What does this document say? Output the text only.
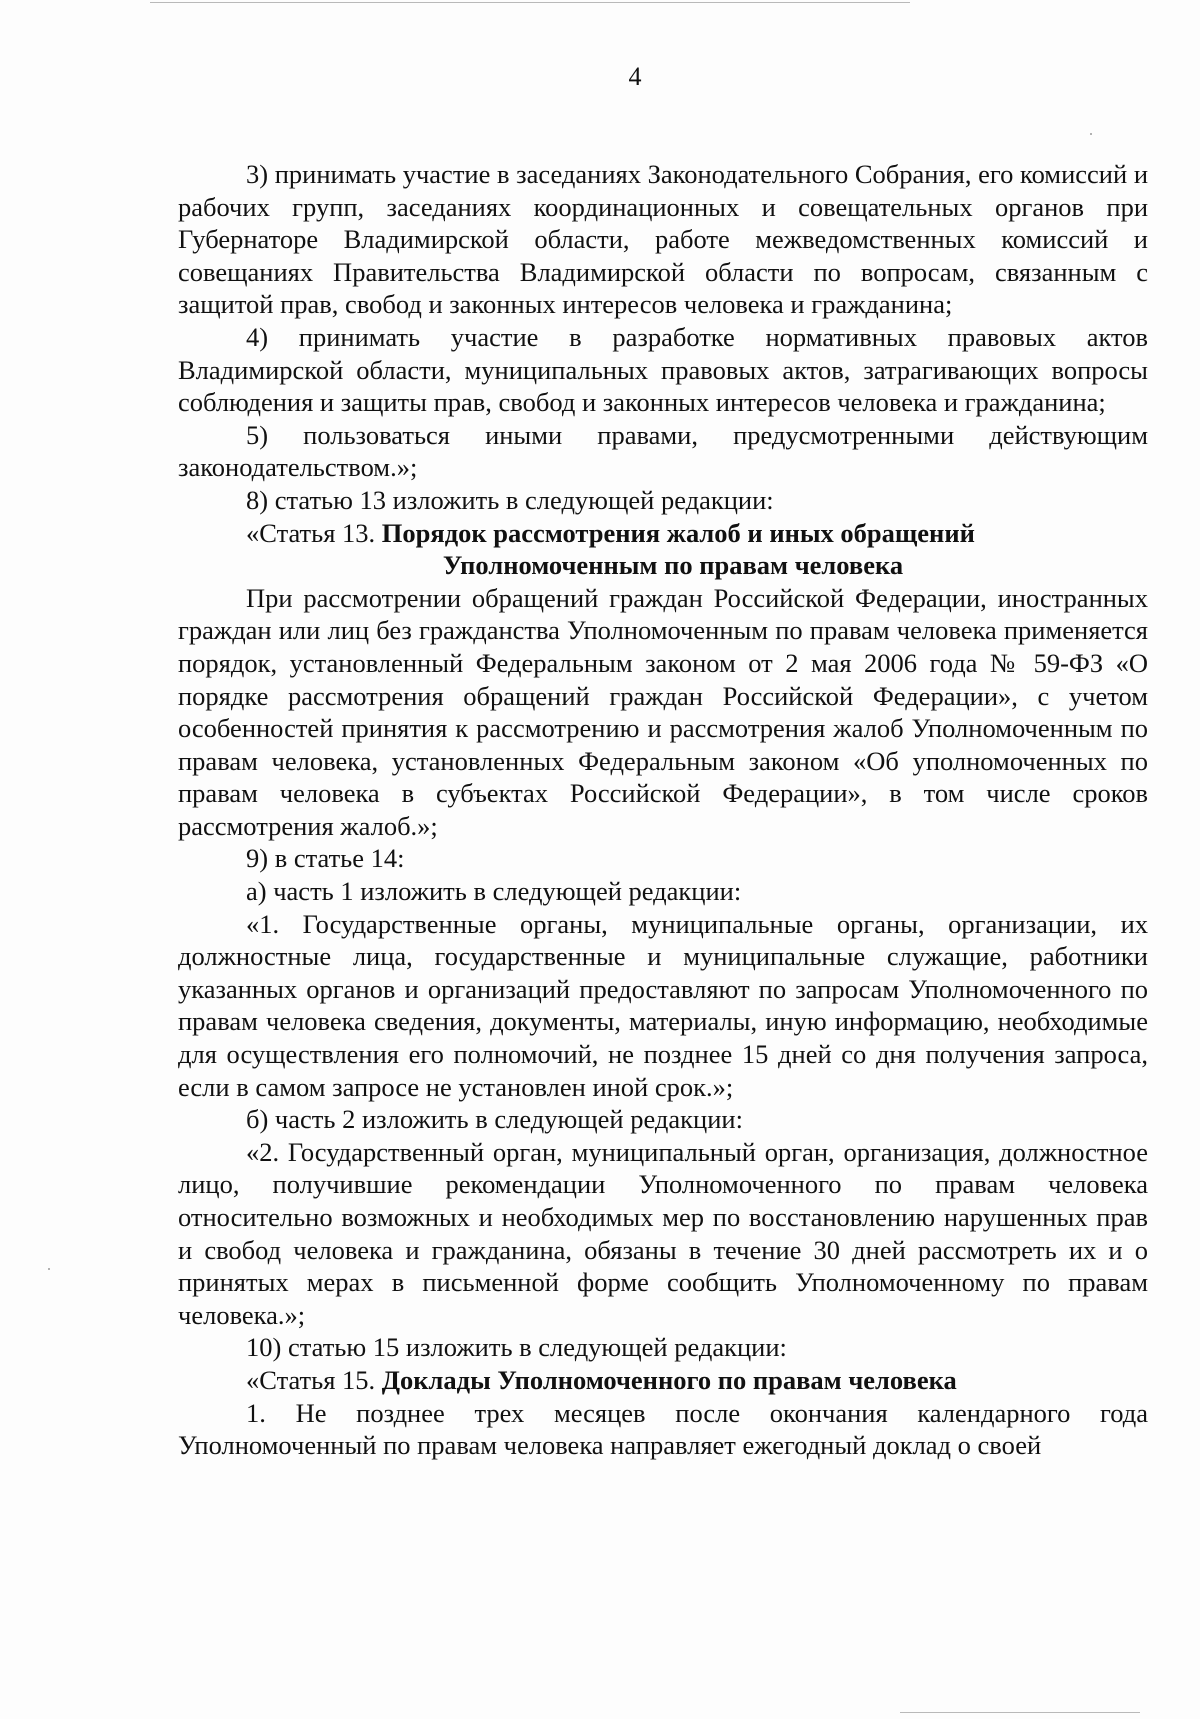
4

3) принимать участие в заседаниях Законодательного Собрания, его комиссий и рабочих групп, заседаниях координационных и совещательных органов при Губернаторе Владимирской области, работе межведомственных комиссий и совещаниях Правительства Владимирской области по вопросам, связанным с защитой прав, свобод и законных интересов человека и гражданина;

4) принимать участие в разработке нормативных правовых актов Владимирской области, муниципальных правовых актов, затрагивающих вопросы соблюдения и защиты прав, свобод и законных интересов человека и гражданина;

5) пользоваться иными правами, предусмотренными действующим законодательством.»;

8) статью 13 изложить в следующей редакции:

«Статья 13. Порядок рассмотрения жалоб и иных обращений

Уполномоченным по правам человека

При рассмотрении обращений граждан Российской Федерации, иностранных граждан или лиц без гражданства Уполномоченным по правам человека применяется порядок, установленный Федеральным законом от 2 мая 2006 года № 59-ФЗ «О порядке рассмотрения обращений граждан Российской Федерации», с учетом особенностей принятия к рассмотрению и рассмотрения жалоб Уполномоченным по правам человека, установленных Федеральным законом «Об уполномоченных по правам человека в субъектах Российской Федерации», в том числе сроков рассмотрения жалоб.»;

9) в статье 14:

а) часть 1 изложить в следующей редакции:

«1. Государственные органы, муниципальные органы, организации, их должностные лица, государственные и муниципальные служащие, работники указанных органов и организаций предоставляют по запросам Уполномоченного по правам человека сведения, документы, материалы, иную информацию, необходимые для осуществления его полномочий, не позднее 15 дней со дня получения запроса, если в самом запросе не установлен иной срок.»;

б) часть 2 изложить в следующей редакции:

«2. Государственный орган, муниципальный орган, организация, должностное лицо, получившие рекомендации Уполномоченного по правам человека относительно возможных и необходимых мер по восстановлению нарушенных прав и свобод человека и гражданина, обязаны в течение 30 дней рассмотреть их и о принятых мерах в письменной форме сообщить Уполномоченному по правам человека.»;

10) статью 15 изложить в следующей редакции:

«Статья 15. Доклады Уполномоченного по правам человека

1. Не позднее трех месяцев после окончания календарного года Уполномоченный по правам человека направляет ежегодный доклад о своей
